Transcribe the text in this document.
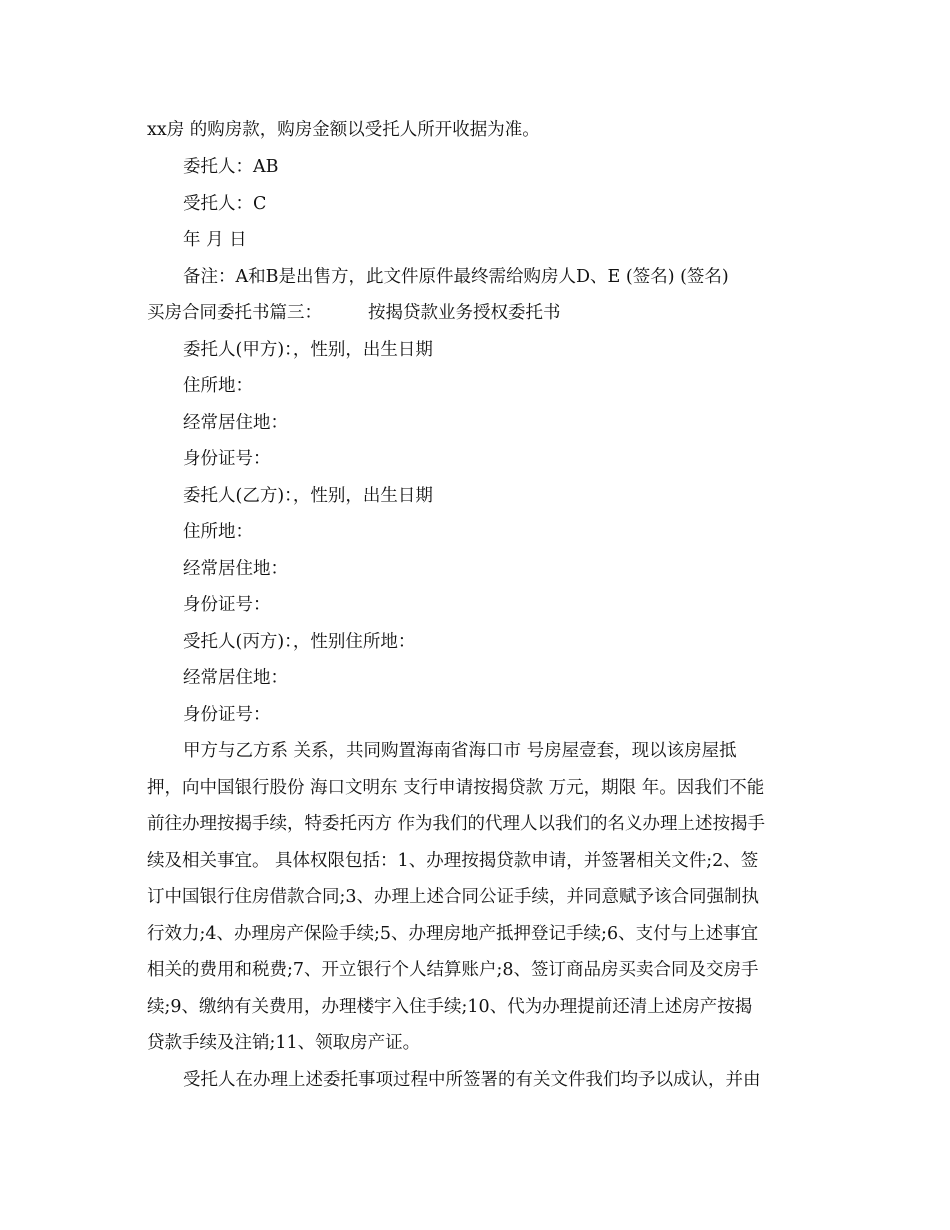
xx房 的购房款，购房金额以受托人所开收据为准。
委托人：AB
受托人：C
年 月 日
备注：A和B是出售方，此文件原件最终需给购房人D、E (签名) (签名)
买房合同委托书篇三：	按揭贷款业务授权委托书
委托人(甲方)：，性别，出生日期
住所地：
经常居住地：
身份证号：
委托人(乙方)：，性别，出生日期
住所地：
经常居住地：
身份证号：
受托人(丙方)：，性别住所地：
经常居住地：
身份证号：
甲方与乙方系 关系，共同购置海南省海口市 号房屋壹套，现以该房屋抵
押，向中国银行股份 海口文明东 支行申请按揭贷款 万元，期限 年。因我们不能
前往办理按揭手续，特委托丙方 作为我们的代理人以我们的名义办理上述按揭手
续及相关事宜。 具体权限包括：1、办理按揭贷款申请，并签署相关文件;2、签
订中国银行住房借款合同;3、办理上述合同公证手续，并同意赋予该合同强制执
行效力;4、办理房产保险手续;5、办理房地产抵押登记手续;6、支付与上述事宜
相关的费用和税费;7、开立银行个人结算账户;8、签订商品房买卖合同及交房手
续;9、缴纳有关费用，办理楼宇入住手续;10、代为办理提前还清上述房产按揭
贷款手续及注销;11、领取房产证。
受托人在办理上述委托事项过程中所签署的有关文件我们均予以成认，并由
